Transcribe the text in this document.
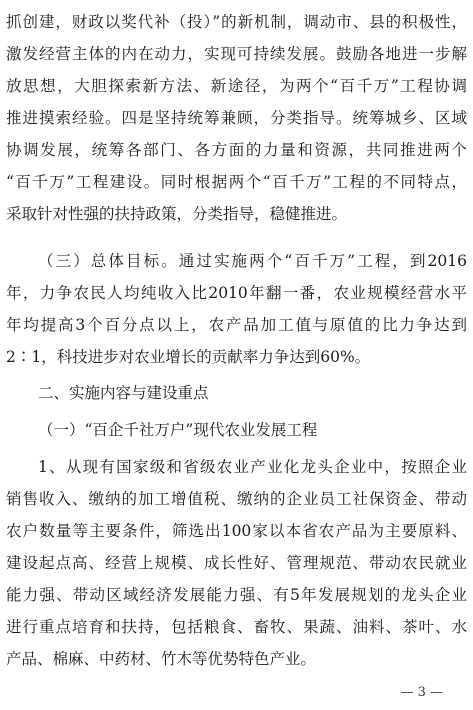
抓创建，财政以奖代补（投）”的新机制，调动市、县的积极性，
激发经营主体的内在动力，实现可持续发展。鼓励各地进一步解
放思想，大胆探索新方法、新途径，为两个“百千万”工程协调
推进摸索经验。四是坚持统筹兼顾，分类指导。统筹城乡、区域
协调发展，统筹各部门、各方面的力量和资源，共同推进两个
“百千万”工程建设。同时根据两个“百千万”工程的不同特点，
采取针对性强的扶持政策，分类指导，稳健推进。
（三）总体目标。通过实施两个“百千万”工程，到2016
年，力争农民人均纯收入比2010年翻一番，农业规模经营水平
年均提高3个百分点以上，农产品加工值与原值的比力争达到
2∶1，科技进步对农业增长的贡献率力争达到60%。
二、实施内容与建设重点
（一）“百企千社万户”现代农业发展工程
1、从现有国家级和省级农业产业化龙头企业中，按照企业
销售收入、缴纳的加工增值税、缴纳的企业员工社保资金、带动
农户数量等主要条件，筛选出100家以本省农产品为主要原料、
建设起点高、经营上规模、成长性好、管理规范、带动农民就业
能力强、带动区域经济发展能力强、有5年发展规划的龙头企业
进行重点培育和扶持，包括粮食、畜牧、果蔬、油料、茶叶、水
产品、棉麻、中药材、竹木等优势特色产业。
— 3 —
